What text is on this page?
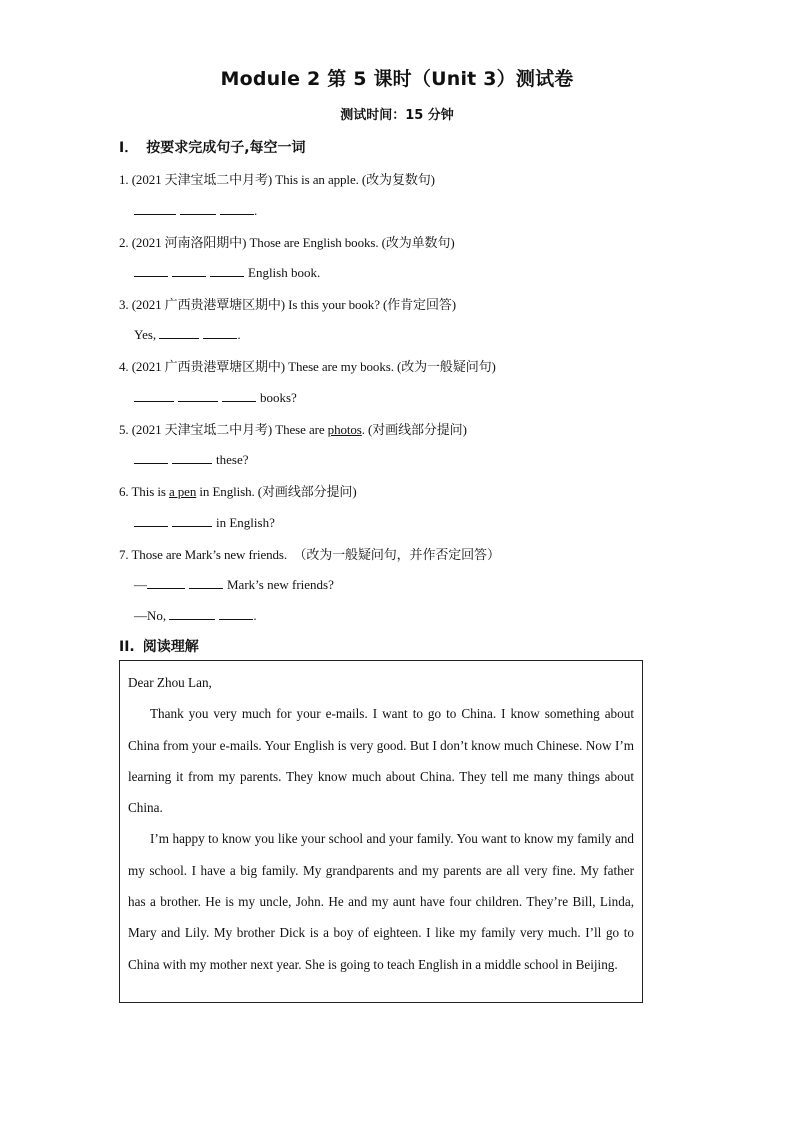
Module 2 第 5 课时（Unit 3）测试卷
测试时间：15 分钟
I． 按要求完成句子,每空一词
1. (2021 天津宝坻二中月考) This is an apple. (改为复数句)
.
2. (2021 河南洛阳期中) Those are English books. (改为单数句)
English book.
3. (2021 广西贵港覃塘区期中) Is this your book? (作肯定回答)
Yes,	.
4. (2021 广西贵港覃塘区期中) These are my books. (改为一般疑问句)
books?
5. (2021 天津宝坻二中月考) These are photos. (对画线部分提问)
these?
6. This is a pen in English. (对画线部分提问)
in English?
7. Those are Mark’s new friends.　（改为一般疑问句，并作否定回答）
—	Mark’s new friends?
—No,	.
II. 阅读理解

Dear Zhou Lan,

Thank you very much for your e-mails. I want to go to China. I know something about China from your e-mails. Your English is very good. But I don’t know much Chinese. Now I’m learning it from my parents. They know much about China. They tell me many things about China.

I’m happy to know you like your school and your family. You want to know my family and my school. I have a big family. My grandparents and my parents are all very fine. My father has a brother. He is my uncle, John. He and my aunt have four children. They’re Bill, Linda, Mary and Lily. My brother Dick is a boy of eighteen. I like my family very much. I’ll go to China with my mother next year. She is going to teach English in a middle school in Beijing.
